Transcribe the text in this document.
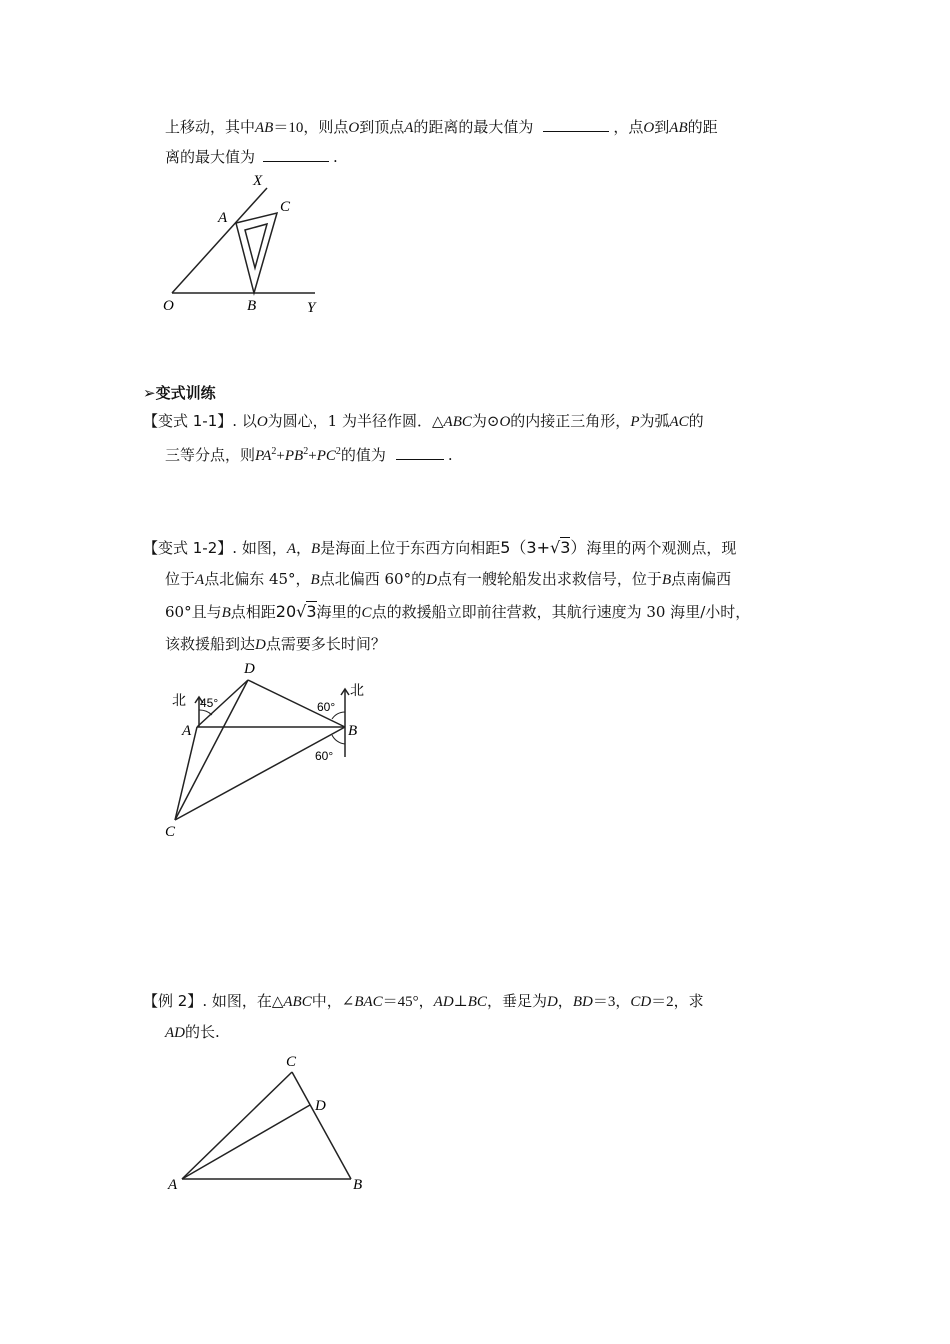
上移动，其中AB＝10，则点O到顶点A的距离的最大值为	，点O到AB的距
离的最大值为	.
X
A
C
O	B	Y
➢变式训练
【变式 1-1】. 以O为圆心，1 为半径作圆．△ABC为⊙O的内接正三角形，P为弧AC的
三等分点，则$PA^2+PB^2+PC^2$的值为	.
【变式 1-2】. 如图，A，B是海面上位于东西方向相距5（3+√3）海里的两个观测点，现
位于A点北偏东 45°，B点北偏西 60°的D点有一艘轮船发出求救信号，位于B点南偏西
60°且与B点相距20√3海里的C点的救援船立即前往营救，其航行速度为 30 海里/小时，
该救援船到达D点需要多长时间？
D
北 45°	60°
北
A	B
60°
C
【例 2】. 如图，在△ABC中，∠BAC＝45°，AD⊥BC，垂足为D，BD＝3，CD＝2，求
AD的长.
C
D
A	B
